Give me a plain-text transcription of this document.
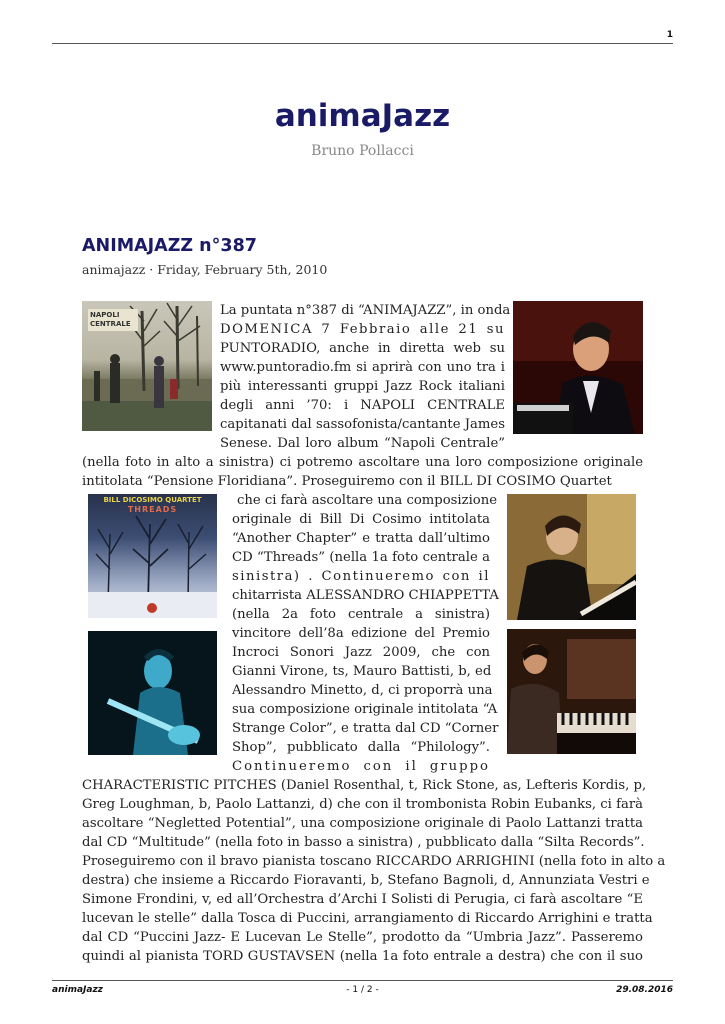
1
animaJazz
Bruno Pollacci
ANIMAJAZZ n°387
animajazz · Friday, February 5th, 2010
NAPOLI CENTRALE
BILL DICOSIMO QUARTET
THREADS
La puntata n°387 di “ANIMAJAZZ”, in onda
DOMENICA 7 Febbraio alle 21 su
PUNTORADIO, anche in diretta web su
www.puntoradio.fm si aprirà con uno tra i
più interessanti gruppi Jazz Rock italiani
degli anni ’70: i NAPOLI CENTRALE
capitanati dal sassofonista/cantante James
Senese. Dal loro album “Napoli Centrale”
(nella foto in alto a sinistra) ci potremo ascoltare una loro composizione originale
intitolata “Pensione Floridiana”. Proseguiremo con il BILL DI COSIMO Quartet
che ci farà ascoltare una composizione
originale di Bill Di Cosimo intitolata
“Another Chapter” e tratta dall’ultimo
CD “Threads” (nella 1a foto centrale a
sinistra) . Continueremo con il
chitarrista ALESSANDRO CHIAPPETTA
(nella 2a foto centrale a sinistra)
vincitore dell’8a edizione del Premio
Incroci Sonori Jazz 2009, che con
Gianni Virone, ts, Mauro Battisti, b, ed
Alessandro Minetto, d, ci proporrà una
sua composizione originale intitolata “A
Strange Color”, e tratta dal CD “Corner
Shop”, pubblicato dalla “Philology”.
Continueremo con il gruppo
CHARACTERISTIC PITCHES (Daniel Rosenthal, t, Rick Stone, as, Lefteris Kordis, p,
Greg Loughman, b, Paolo Lattanzi, d) che con il trombonista Robin Eubanks, ci farà
ascoltare “Negletted Potential”, una composizione originale di Paolo Lattanzi tratta
dal CD “Multitude” (nella foto in basso a sinistra) , pubblicato dalla “Silta Records”.
Proseguiremo con il bravo pianista toscano RICCARDO ARRIGHINI (nella foto in alto a
destra) che insieme a Riccardo Fioravanti, b, Stefano Bagnoli, d, Annunziata Vestri e
Simone Frondini, v, ed all’Orchestra d’Archi I Solisti di Perugia, ci farà ascoltare “E
lucevan le stelle” dalla Tosca di Puccini, arrangiamento di Riccardo Arrighini e tratta
dal CD “Puccini Jazz- E Lucevan Le Stelle”, prodotto da “Umbria Jazz”. Passeremo
quindi al pianista TORD GUSTAVSEN (nella 1a foto entrale a destra) che con il suo
animaJazz	- 1 / 2 -	29.08.2016
